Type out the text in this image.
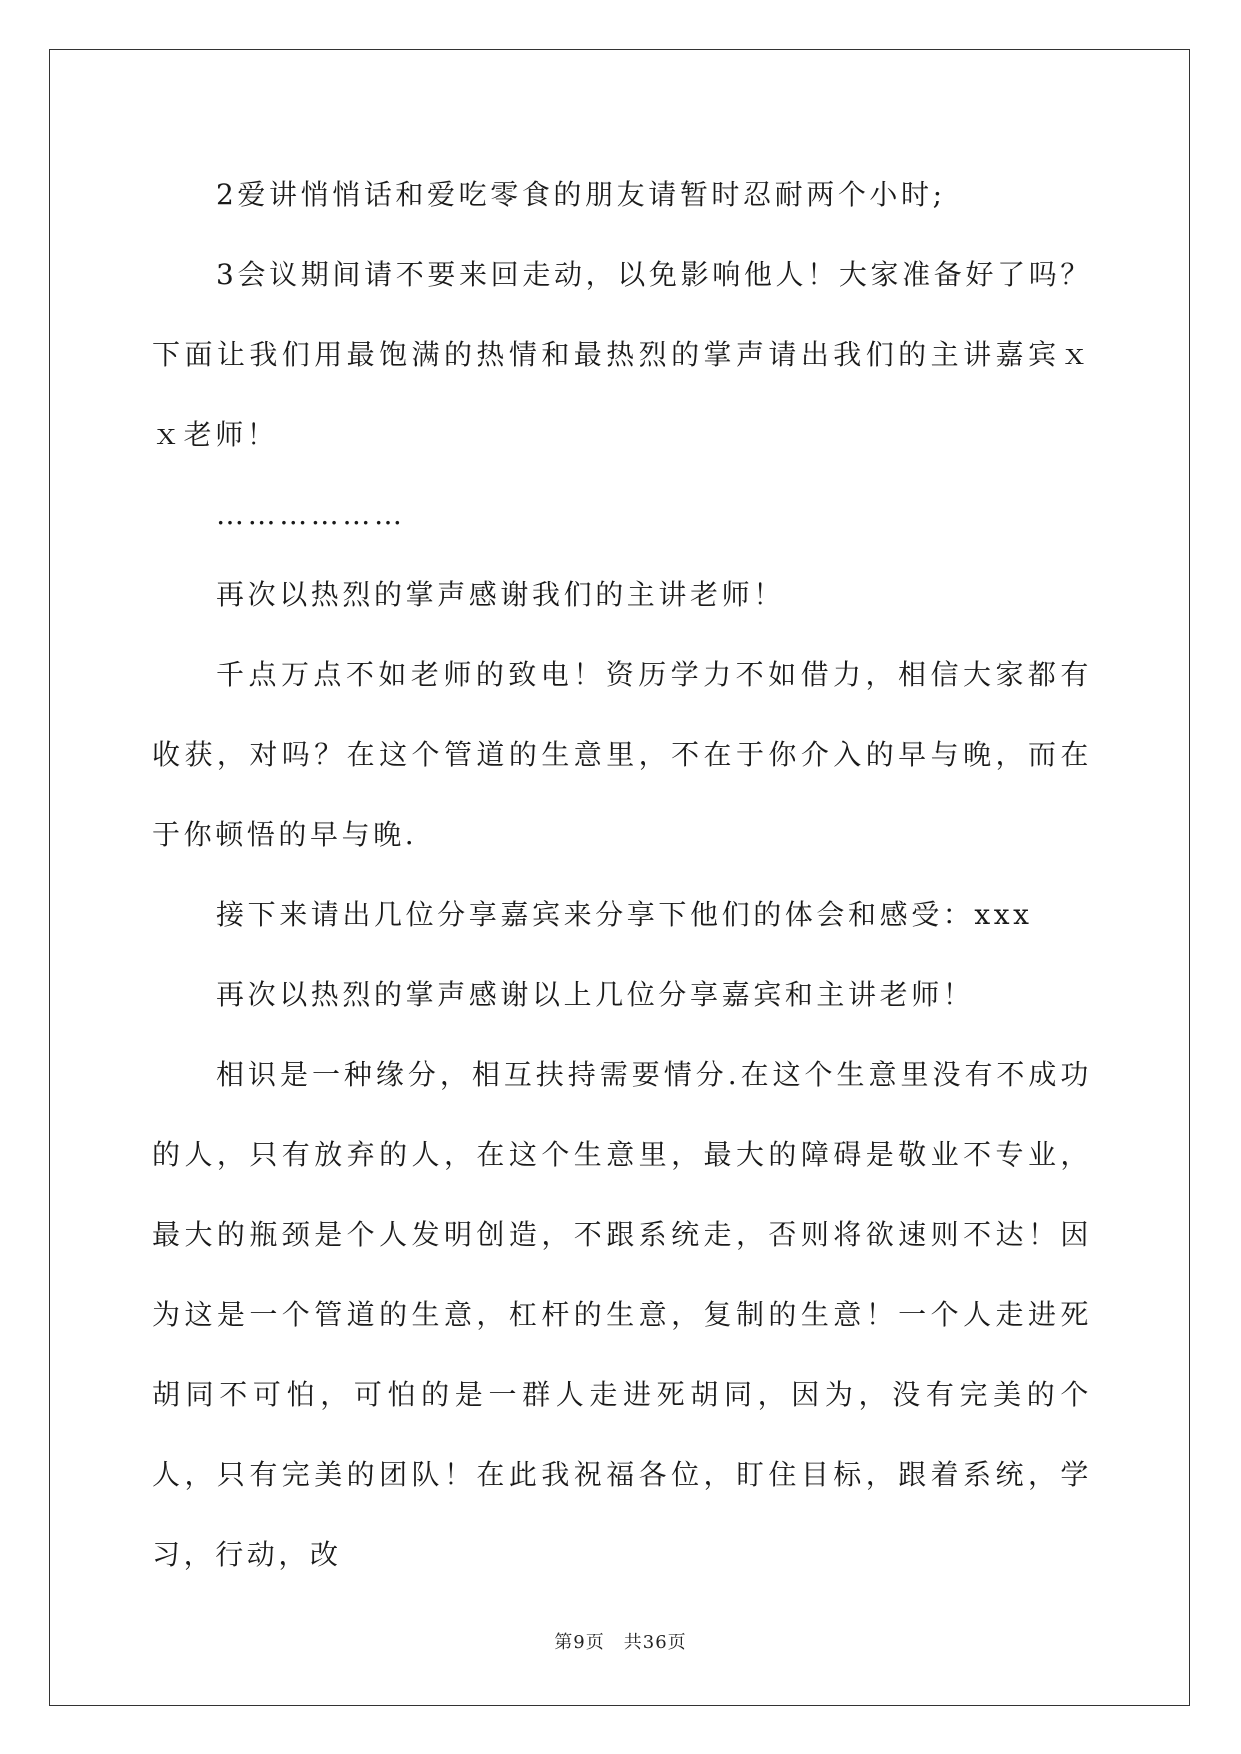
2爱讲悄悄话和爱吃零食的朋友请暂时忍耐两个小时;

3会议期间请不要来回走动，以免影响他人！大家准备好了吗？下面让我们用最饱满的热情和最热烈的掌声请出我们的主讲嘉宾ｘｘ老师！

………………

再次以热烈的掌声感谢我们的主讲老师！

千点万点不如老师的致电！资历学力不如借力，相信大家都有收获，对吗？在这个管道的生意里，不在于你介入的早与晚，而在于你顿悟的早与晚.

接下来请出几位分享嘉宾来分享下他们的体会和感受：xxx

再次以热烈的掌声感谢以上几位分享嘉宾和主讲老师！

相识是一种缘分，相互扶持需要情分.在这个生意里没有不成功的人，只有放弃的人，在这个生意里，最大的障碍是敬业不专业，最大的瓶颈是个人发明创造，不跟系统走，否则将欲速则不达！因为这是一个管道的生意，杠杆的生意，复制的生意！一个人走进死胡同不可怕，可怕的是一群人走进死胡同，因为，没有完美的个人，只有完美的团队！在此我祝福各位，盯住目标，跟着系统，学习，行动，改

第9页　共36页
